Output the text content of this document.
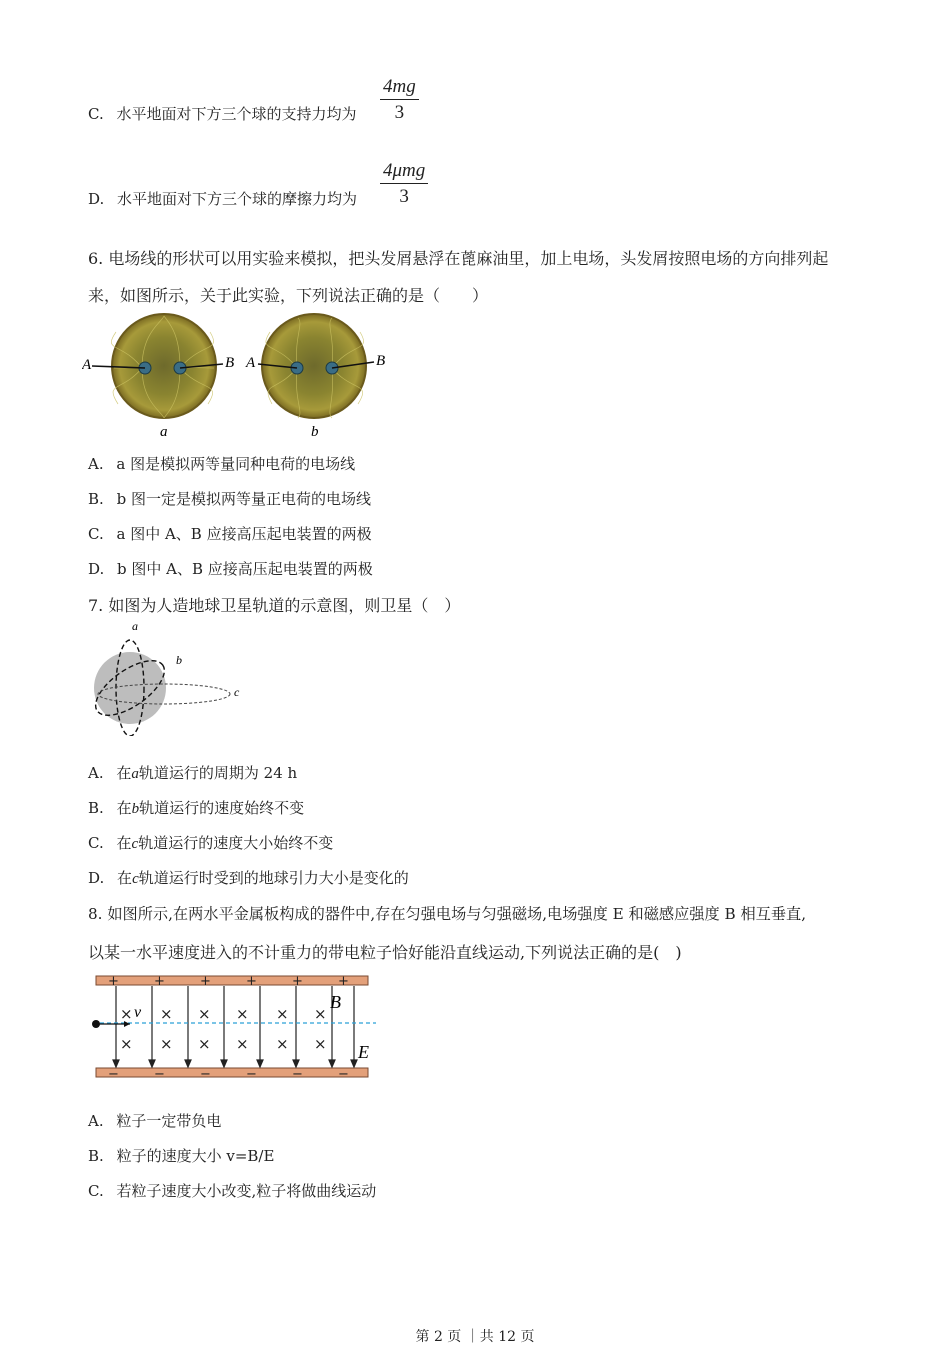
C. 水平地面对下方三个球的支持力均为 $\frac{4mg}{3}$
D. 水平地面对下方三个球的摩擦力均为
4μmg
3
6. 电场线的形状可以用实验来模拟，把头发屑悬浮在蓖麻油里，加上电场，头发屑按照电场的方向排列起
来，如图所示，关于此实验，下列说法正确的是（　　）
A	B A	B
a	b
A. a 图是模拟两等量同种电荷的电场线
B. b 图一定是模拟两等量正电荷的电场线
C. a 图中 A、B 应接高压起电装置的两极
D. b 图中 A、B 应接高压起电装置的两极
7. 如图为人造地球卫星轨道的示意图，则卫星（　）
a
b
c
A. 在a轨道运行的周期为 24 h
B. 在b轨道运行的速度始终不变
C. 在c轨道运行的速度大小始终不变
D. 在c轨道运行时受到的地球引力大小是变化的
8. 如图所示,在两水平金属板构成的器件中,存在匀强电场与匀强磁场,电场强度 E 和磁感应强度 B 相互垂直,
以某一水平速度进入的不计重力的带电粒子恰好能沿直线运动,下列说法正确的是(　)
+	+	+	+	+	+
−	−	−	−	−	−
× × × × × ×
× × × × × ×
v
B
E
A. 粒子一定带负电
B. 粒子的速度大小 v=B/E
C. 若粒子速度大小改变,粒子将做曲线运动
第 2 页 ｜共 12 页
